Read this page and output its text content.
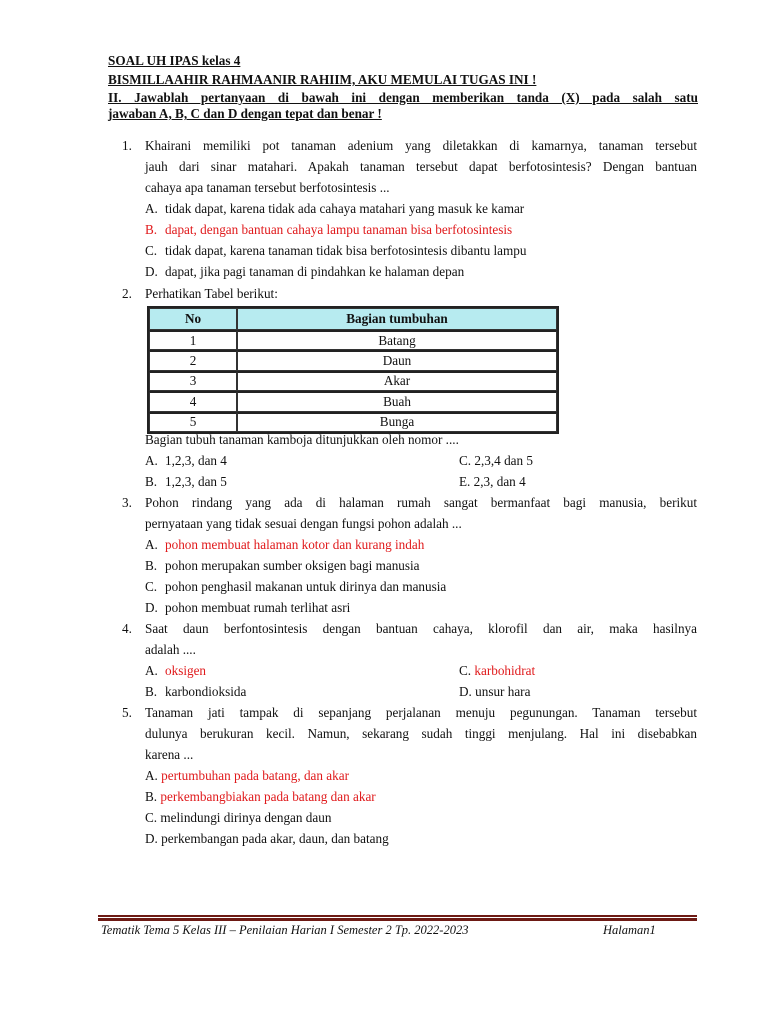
SOAL UH IPAS kelas 4
BISMILLAAHIR RAHMAANIR RAHIIM, AKU MEMULAI TUGAS INI !
II. Jawablah pertanyaan di bawah ini dengan memberikan tanda (X) pada salah satu
jawaban A, B, C dan D dengan tepat dan benar !
1. Khairani memiliki pot tanaman adenium yang diletakkan di kamarnya, tanaman tersebut
jauh dari sinar matahari. Apakah tanaman tersebut dapat berfotosintesis? Dengan bantuan
cahaya apa tanaman tersebut berfotosintesis ...
A. tidak dapat, karena tidak ada cahaya matahari yang masuk ke kamar
B. dapat, dengan bantuan cahaya lampu tanaman bisa berfotosintesis
C. tidak dapat, karena tanaman tidak bisa berfotosintesis dibantu lampu
D. dapat, jika pagi tanaman di pindahkan ke halaman depan
2. Perhatikan Tabel berikut:
No	Bagian tumbuhan
1	Batang
2	Daun
3	Akar
4	Buah
5	Bunga
Bagian tubuh tanaman kamboja ditunjukkan oleh nomor ....
A. 1,2,3, dan 4	C. 2,3,4 dan 5
B. 1,2,3, dan 5	E. 2,3, dan 4
3. Pohon rindang yang ada di halaman rumah sangat bermanfaat bagi manusia, berikut
pernyataan yang tidak sesuai dengan fungsi pohon adalah ...
A. pohon membuat halaman kotor dan kurang indah
B. pohon merupakan sumber oksigen bagi manusia
C. pohon penghasil makanan untuk dirinya dan manusia
D. pohon membuat rumah terlihat asri
4. Saat daun berfontosintesis dengan bantuan cahaya, klorofil dan air, maka hasilnya
adalah ....
A. oksigen	C. karbohidrat
B. karbondioksida	D. unsur hara
5. Tanaman jati tampak di sepanjang perjalanan menuju pegunungan. Tanaman tersebut
dulunya berukuran kecil. Namun, sekarang sudah tinggi menjulang. Hal ini disebabkan
karena ...
A. pertumbuhan pada batang, dan akar
B. perkembangbiakan pada batang dan akar
C. melindungi dirinya dengan daun
D. perkembangan pada akar, daun, dan batang
Tematik Tema 5 Kelas III – Penilaian Harian I Semester 2 Tp. 2022-2023	Halaman1
